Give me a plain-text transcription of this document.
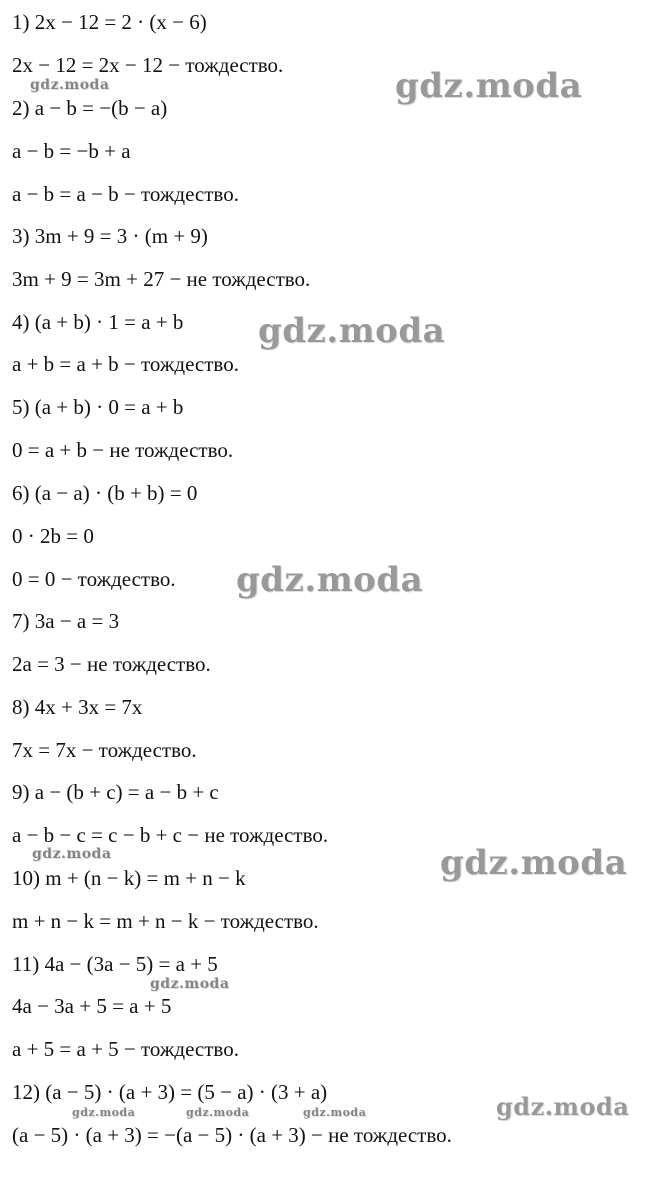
1) 2x − 12 = 2 · (x − 6)
2x − 12 = 2x − 12 − тождество.
2) a − b = −(b − a)
a − b = −b + a
a − b = a − b − тождество.
3) 3m + 9 = 3 · (m + 9)
3m + 9 = 3m + 27 − не тождество.
4) (a + b) · 1 = a + b
a + b = a + b − тождество.
5) (a + b) · 0 = a + b
0 = a + b − не тождество.
6) (a − a) · (b + b) = 0
0 · 2b = 0
0 = 0 − тождество.
7) 3a − a = 3
2a = 3 − не тождество.
8) 4x + 3x = 7x
7x = 7x − тождество.
9) a − (b + c) = a − b + c
a − b − c = c − b + c − не тождество.
10) m + (n − k) = m + n − k
m + n − k = m + n − k − тождество.
11) 4a − (3a − 5) = a + 5
4a − 3a + 5 = a + 5
a + 5 = a + 5 − тождество.
12) (a − 5) · (a + 3) = (5 − a) · (3 + a)
(a − 5) · (a + 3) = −(a − 5) · (a + 3) − не тождество.
gdz.moda
gdz.moda
gdz.moda
gdz.moda
gdz.moda	gdz.moda
gdz.moda
gdz.moda
gdz.moda	gdz.moda	gdz.moda
